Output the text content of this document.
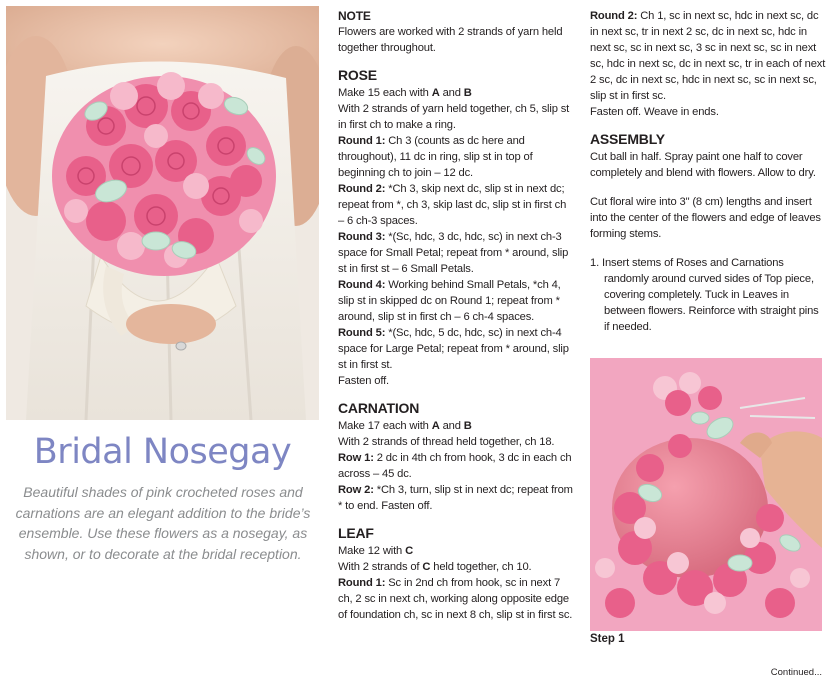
Bridal Nosegay
Beautiful shades of pink crocheted roses and carnations are an elegant addition to the bride’s ensemble. Use these flowers as a nosegay, as shown, or to decorate at the bridal reception.
NOTE
Flowers are worked with 2 strands of yarn held together throughout.
ROSE
Make 15 each with A and B
With 2 strands of yarn held together, ch 5, slip st in first ch to make a ring.
Round 1: Ch 3 (counts as dc here and throughout), 11 dc in ring, slip st in top of beginning ch to join – 12 dc.
Round 2: *Ch 3, skip next dc, slip st in next dc; repeat from *, ch 3, skip last dc, slip st in first ch – 6 ch-3 spaces.
Round 3: *(Sc, hdc, 3 dc, hdc, sc) in next ch-3 space for Small Petal; repeat from * around, slip st in first st – 6 Small Petals.
Round 4: Working behind Small Petals, *ch 4, slip st in skipped dc on Round 1; repeat from * around, slip st in first ch – 6 ch-4 spaces.
Round 5: *(Sc, hdc, 5 dc, hdc, sc) in next ch-4 space for Large Petal; repeat from * around, slip st in first st.
Fasten off.
CARNATION
Make 17 each with A and B
With 2 strands of thread held together, ch 18.
Row 1: 2 dc in 4th ch from hook, 3 dc in each ch across – 45 dc.
Row 2: *Ch 3, turn, slip st in next dc; repeat from * to end. Fasten off.
LEAF
Make 12 with C
With 2 strands of C held together, ch 10.
Round 1: Sc in 2nd ch from hook, sc in next 7 ch, 2 sc in next ch, working along opposite edge of foundation ch, sc in next 8 ch, slip st in first sc.
Round 2: Ch 1, sc in next sc, hdc in next sc, dc in next sc, tr in next 2 sc, dc in next sc, hdc in next sc, sc in next sc, 3 sc in next sc, sc in next sc, hdc in next sc, dc in next sc, tr in each of next 2 sc, dc in next sc, hdc in next sc, sc in next sc, slip st in first sc.
Fasten off. Weave in ends.
ASSEMBLY
Cut ball in half. Spray paint one half to cover completely and blend with flowers. Allow to dry.
Cut floral wire into 3" (8 cm) lengths and insert into the center of the flowers and edge of leaves forming stems.
1. Insert stems of Roses and Carnations randomly around curved sides of Top piece, covering completely. Tuck in Leaves in between flowers. Reinforce with straight pins if needed.
Step 1
Continued...
